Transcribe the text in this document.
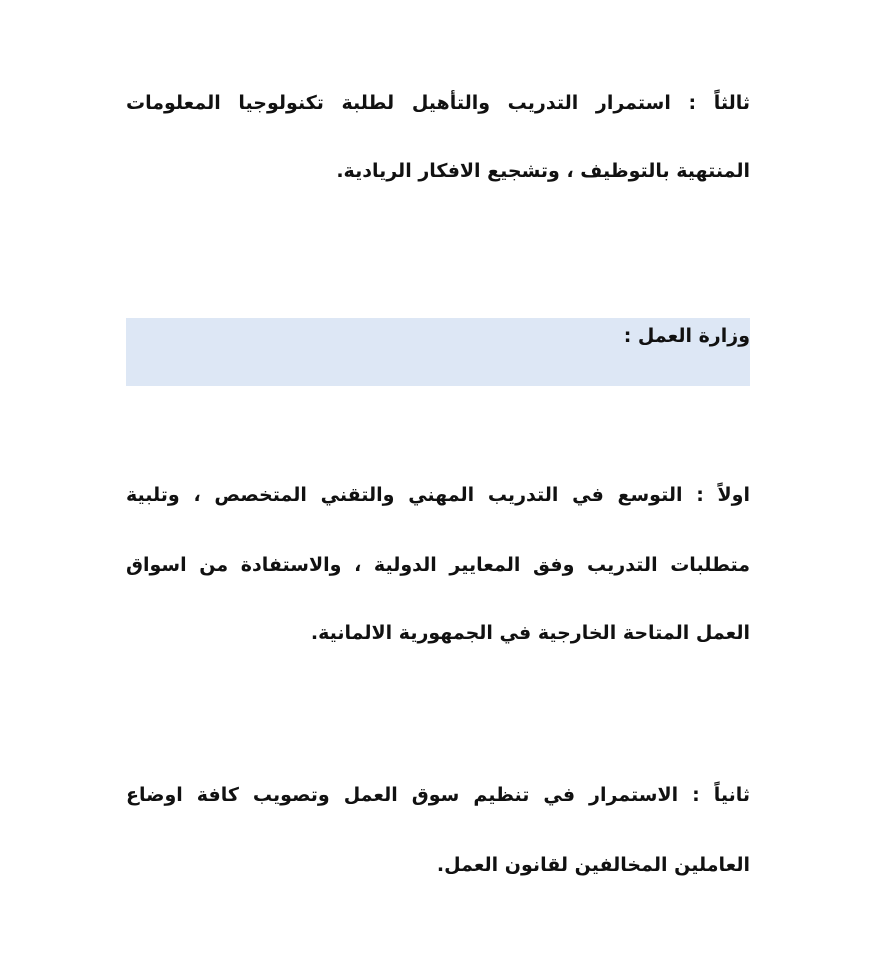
ثالثاً : استمرار التدريب والتأهيل لطلبة تكنولوجيا المعلومات
المنتهية بالتوظيف ، وتشجيع الافكار الريادية.
وزارة العمل :
اولاً : التوسع في التدريب المهني والتقني المتخصص ، وتلبية
متطلبات التدريب وفق المعايير الدولية ، والاستفادة من اسواق
العمل المتاحة الخارجية في الجمهورية الالمانية.
ثانياً : الاستمرار في تنظيم سوق العمل وتصويب كافة اوضاع
العاملين المخالفين لقانون العمل.
